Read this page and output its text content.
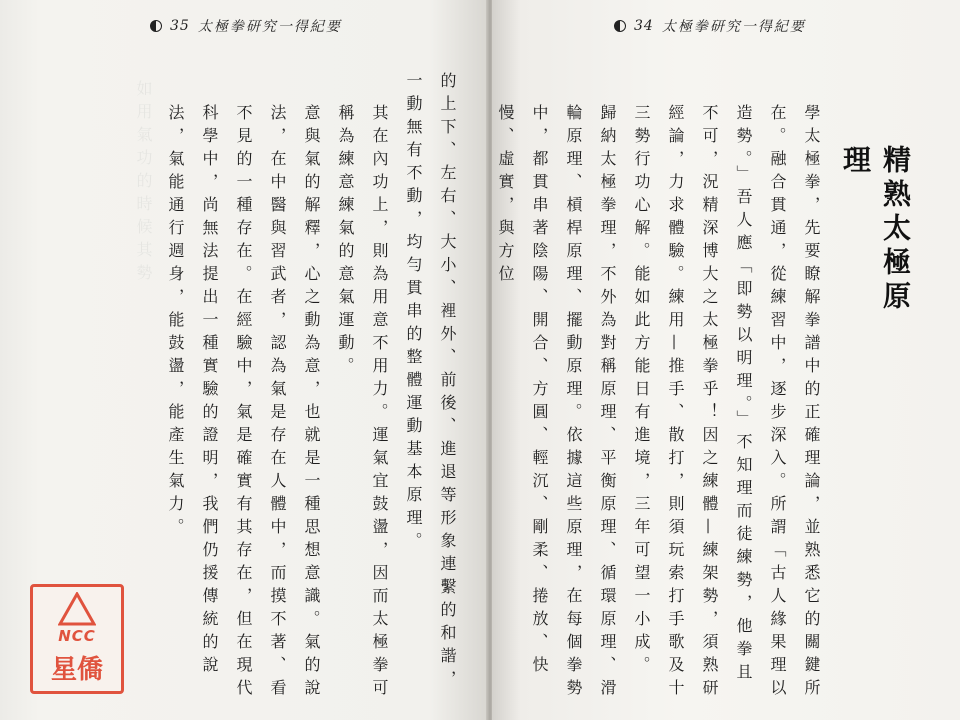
如用氣功的時候其勢
35 太極拳研究一得紀要

的上下、左右、大小、裡外、前後、進退等形象連繫的和諧，一動無有不動，均勻貫串的整體運動基本原理。

其在內功上，則為用意不用力。運氣宜鼓盪，因而太極拳可稱為練意練氣的意氣運動。

意與氣的解釋，心之動為意，也就是一種思想意識。氣的說法，在中醫與習武者，認為氣是存在人體中，而摸不著、看不見的一種存在。在經驗中，氣是確實有其存在，但在現代科學中，尚無法提出一種實驗的證明，我們仍援傳統的說法，氣能通行週身，能鼓盪，能產生氣力。

NCC
星僑
34 太極拳研究一得紀要

學太極拳，先要瞭解拳譜中的正確理論，並熟悉它的關鍵所在。融合貫通，從練習中，逐步深入。所謂「古人緣果理以造勢。」吾人應「即勢以明理。」不知理而徒練勢，他拳且不可，況精深博大之太極拳乎！因之練體—練架勢，須熟研經論，力求體驗。練用—推手、散打，則須玩索打手歌及十三勢行功心解。能如此方能日有進境，三年可望一小成。

歸納太極拳理，不外為對稱原理、平衡原理、循環原理、滑輪原理、槓桿原理、擺動原理。依據這些原理，在每個拳勢中，都貫串著陰陽、開合、方圓、輕沉、剛柔、捲放、快慢、虛實，與方位	精熟太極原理
